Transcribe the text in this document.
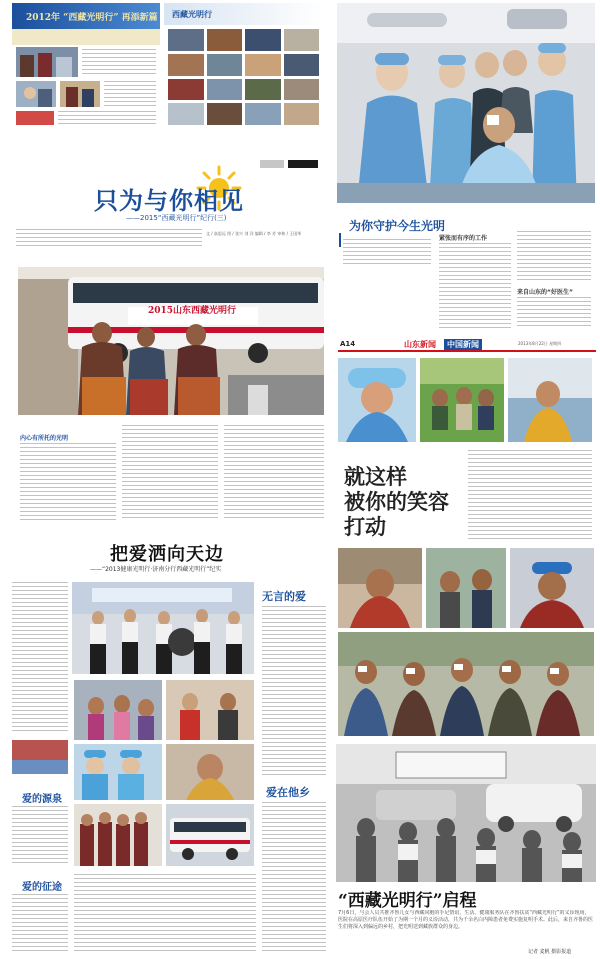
2012年 “西藏光明行” 再添新篇 西藏光明行
为你守护今生光明
紧张而有序的工作
来自山东的“好医生”
只为与你相见
——2015“西藏光明行”纪行(三)
文 / 高思远 图 / 张兴 刘 洋 编辑 / 李 芳 审核 / 王国华
2015山东西藏光明行
内心有所托的光明
A14	山东新闻	中国新闻	2013年8月22日 星期四
就这样
被你的笑容
打动
把爱洒向天边
——“2013健康光明行·济南分行西藏光明行”纪实
无言的爱
爱的源泉
爱的征途
爱在他乡
“西藏光明行”启程
7月6日，与会人员共推齐鲁儿女与西藏同胞的手足情谊，生活、健康服务队在齐鲁扶贫“西藏光明行”的义诊现场，医院在高原医疗队伍开始了为期一个月的义诊活动，共为千余名白内障患者免费实施复明手术。此后，来自齐鲁的医生们将深入到偏远的乡村，把光明送到藏族群众的身边。
记者 麦帆 摄影报道
